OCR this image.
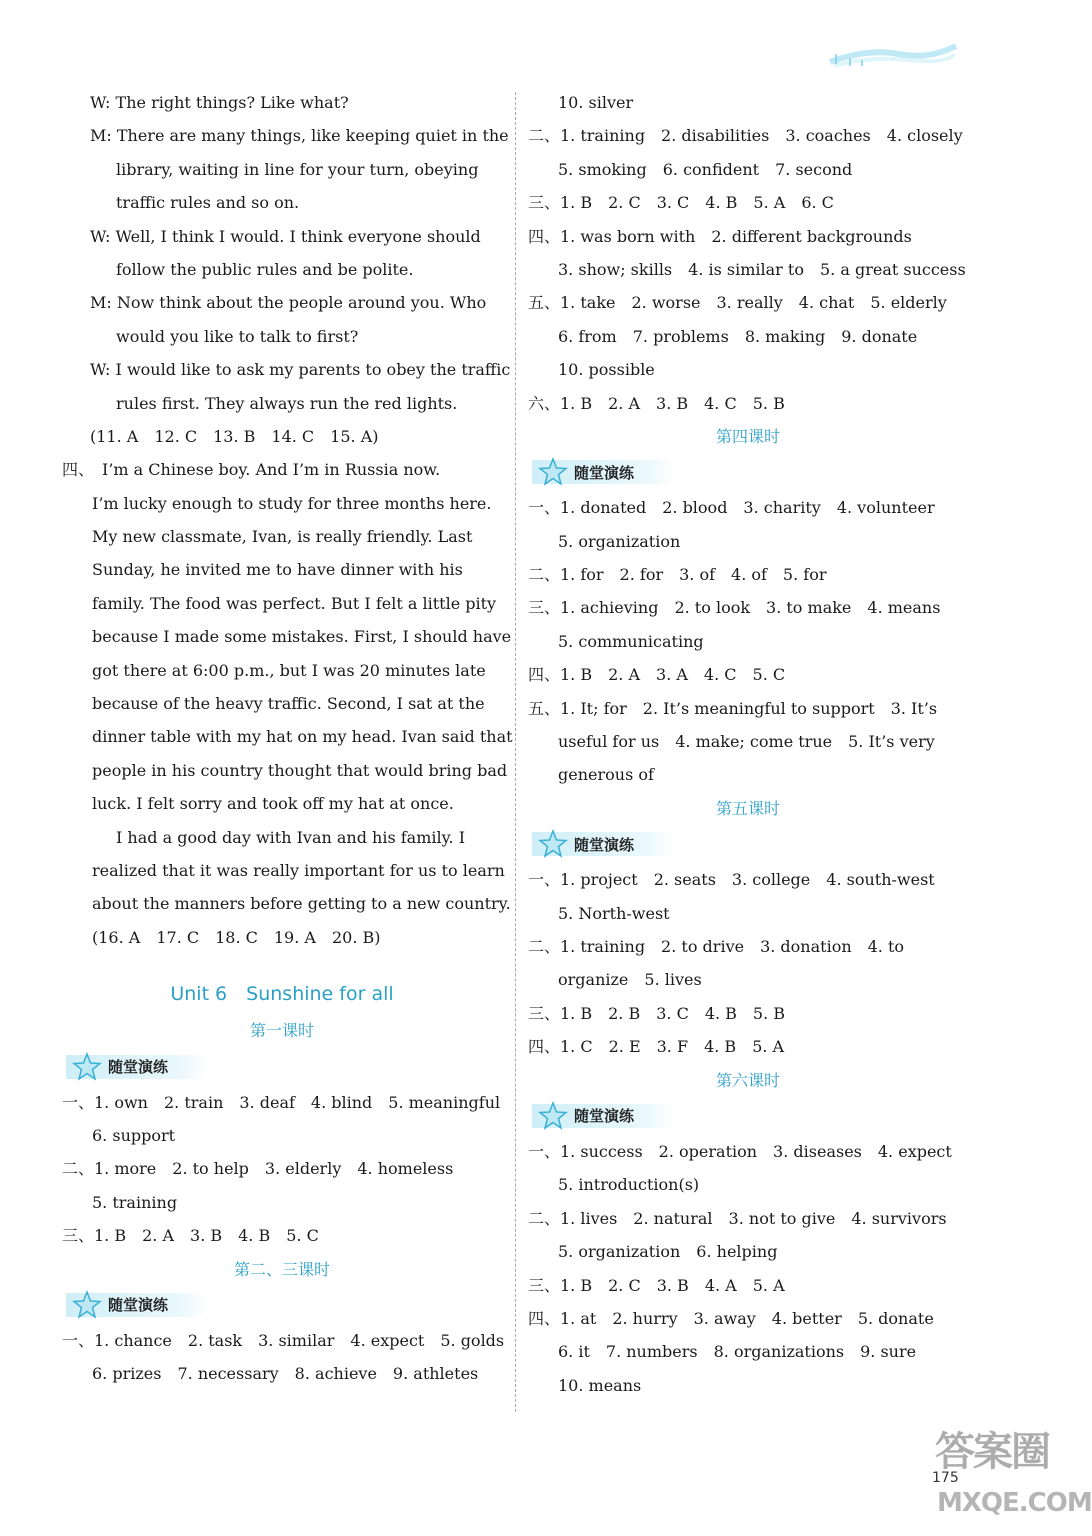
W: The right things? Like what?
M: There are many things, like keeping quiet in the
library, waiting in line for your turn, obeying
traffic rules and so on.
W: Well, I think I would. I think everyone should
follow the public rules and be polite.
M: Now think about the people around you. Who
would you like to talk to first?
W: I would like to ask my parents to obey the traffic
rules first. They always run the red lights.
(11. A　12. C　13. B　14. C　15. A)
四、　I’m a Chinese boy. And I’m in Russia now.
I’m lucky enough to study for three months here.
My new classmate, Ivan, is really friendly. Last
Sunday, he invited me to have dinner with his
family. The food was perfect. But I felt a little pity
because I made some mistakes. First, I should have
got there at 6:00 p.m., but I was 20 minutes late
because of the heavy traffic. Second, I sat at the
dinner table with my hat on my head. Ivan said that
people in his country thought that would bring bad
luck. I felt sorry and took off my hat at once.
I had a good day with Ivan and his family. I
realized that it was really important for us to learn
about the manners before getting to a new country.
(16. A　17. C　18. C　19. A　20. B)
Unit 6　Sunshine for all
第一课时
随堂演练
一、1. own　2. train　3. deaf　4. blind　5. meaningful
6. support
二、1. more　2. to help　3. elderly　4. homeless
5. training
三、1. B　2. A　3. B　4. B　5. C
第二、三课时
随堂演练
一、1. chance　2. task　3. similar　4. expect　5. golds
6. prizes　7. necessary　8. achieve　9. athletes
10. silver
二、1. training　2. disabilities　3. coaches　4. closely
5. smoking　6. confident　7. second
三、1. B　2. C　3. C　4. B　5. A　6. C
四、1. was born with　2. different backgrounds
3. show; skills　4. is similar to　5. a great success
五、1. take　2. worse　3. really　4. chat　5. elderly
6. from　7. problems　8. making　9. donate
10. possible
六、1. B　2. A　3. B　4. C　5. B
第四课时
随堂演练
一、1. donated　2. blood　3. charity　4. volunteer
5. organization
二、1. for　2. for　3. of　4. of　5. for
三、1. achieving　2. to look　3. to make　4. means
5. communicating
四、1. B　2. A　3. A　4. C　5. C
五、1. It; for　2. It’s meaningful to support　3. It’s
useful for us　4. make; come true　5. It’s very
generous of
第五课时
随堂演练
一、1. project　2. seats　3. college　4. south-west
5. North-west
二、1. training　2. to drive　3. donation　4. to
organize　5. lives
三、1. B　2. B　3. C　4. B　5. B
四、1. C　2. E　3. F　4. B　5. A
第六课时
随堂演练
一、1. success　2. operation　3. diseases　4. expect
5. introduction(s)
二、1. lives　2. natural　3. not to give　4. survivors
5. organization　6. helping
三、1. B　2. C　3. B　4. A　5. A
四、1. at　2. hurry　3. away　4. better　5. donate
6. it　7. numbers　8. organizations　9. sure
10. means
175
答案圈
MXQE.COM
